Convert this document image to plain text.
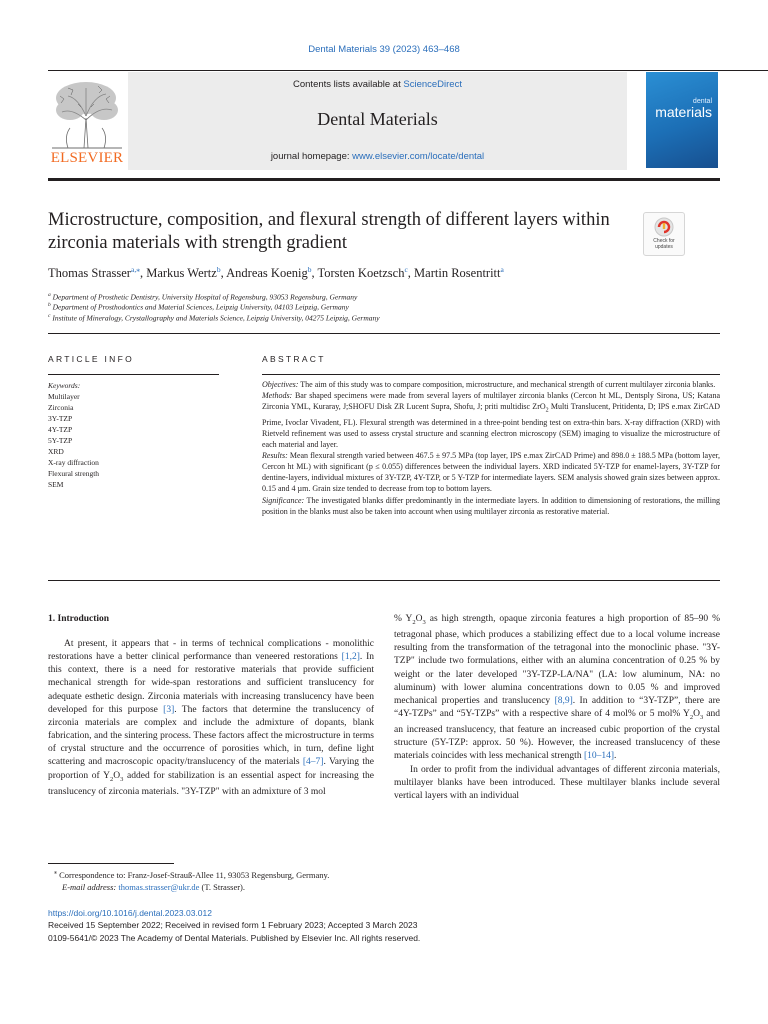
Dental Materials 39 (2023) 463–468
ELSEVIER
Contents lists available at ScienceDirect
Dental Materials
journal homepage: www.elsevier.com/locate/dental
dental
materials
Microstructure, composition, and flexural strength of different layers within zirconia materials with strength gradient	Check for updates
Thomas Strasser$^{a,⁎}$, Markus Wertz$^b$, Andreas Koenig$^b$, Torsten Koetzsch$^c$, Martin Rosentritt$^a$
$^a$ Department of Prosthetic Dentistry, University Hospital of Regensburg, 93053 Regensburg, Germany
$^b$ Department of Prosthodontics and Material Sciences, Leipzig University, 04103 Leipzig, Germany
$^c$ Institute of Mineralogy, Crystallography and Materials Science, Leipzig University, 04275 Leipzig, Germany
ARTICLE INFO	ABSTRACT
Keywords:
Multilayer
Zirconia
3Y-TZP
4Y-TZP
5Y-TZP
XRD
X-ray diffraction
Flexural strength
SEM

Objectives: The aim of this study was to compare composition, microstructure, and mechanical strength of current multilayer zirconia blanks.

Methods: Bar shaped specimens were made from several layers of multilayer zirconia blanks (Cercon ht ML, Dentsply Sirona, US; Katana Zirconia YML, Kuraray, J;SHOFU Disk ZR Lucent Supra, Shofu, J; priti multidisc ZrO$_2$ Multi Translucent, Pritidenta, D; IPS e.max ZirCAD Prime, Ivoclar Vivadent, FL). Flexural strength was determined in a three-point bending test on extra-thin bars. X-ray diffraction (XRD) with Rietveld refinement was used to assess crystal structure and scanning electron microscopy (SEM) imaging to visualize the microstructure of each material and layer.

Results: Mean flexural strength varied between 467.5 ± 97.5 MPa (top layer, IPS e.max ZirCAD Prime) and 898.0 ± 188.5 MPa (bottom layer, Cercon ht ML) with significant (p ≤ 0.055) differences between the individual layers. XRD indicated 5Y-TZP for enamel-layers, 3Y-TZP for dentine-layers, individual mixtures of 3Y-TZP, 4Y-TZP, or 5 Y-TZP for intermediate layers. SEM analysis showed grain sizes between approx. 0.15 and 4 µm. Grain size tended to decrease from top to bottom layers.

Significance: The investigated blanks differ predominantly in the intermediate layers. In addition to dimensioning of restorations, the milling position in the blanks must also be taken into account when using multilayer zirconia as restorative material.

1. Introduction

At present, it appears that - in terms of technical complications - monolithic restorations have a better clinical performance than veneered restorations [1,2]. In this context, there is a need for restorative materials that provide sufficient mechanical strength for wide-span restorations and sufficient translucency for adequate esthetic design. Zirconia materials with increasing translucency have been developed for this purpose [3]. The factors that determine the translucency of zirconia materials are complex and include the admixture of dopants, blank fabrication, and the sintering process. These factors affect the microstructure in terms of crystal structure and the occurrence of porosities which, in turn, define light scattering and macroscopic opacity/translucency of the materials [4–7]. Varying the proportion of $Y_2O_3$ added for stabilization is an essential aspect for increasing the translucency of zirconia materials. "3Y-TZP" with an admixture of 3 mol

% $Y_2O_3$ as high strength, opaque zirconia features a high proportion of 85–90 % tetragonal phase, which produces a stabilizing effect due to a local volume increase resulting from the transformation of the tetragonal into the monoclinic phase. "3Y-TZP" include two formulations, either with an alumina concentration of 0.25 % by weight or the later developed "3Y-TZP-LA/NA" (LA: low aluminum, NA: no aluminum) with lower alumina concentrations down to 0.05 % and improved mechanical properties and translucency [8,9]. In addition to “3Y-TZP”, there are “4Y-TZPs” and “5Y-TZPs” with a respective share of 4 mol% or 5 mol% $Y_2O_3$ and an increased translucency, that feature an increased cubic proportion of the crystal structure (5Y-TZP: approx. 50 %). However, the increased translucency of these materials coincides with less mechanical strength [10–14].

In order to profit from the individual advantages of different zirconia materials, multilayer blanks have been introduced. These multilayer blanks include several vertical layers with an individual

⁎ Correspondence to: Franz-Josef-Strauß-Allee 11, 93053 Regensburg, Germany.
E-mail address: thomas.strasser@ukr.de (T. Strasser).
https://doi.org/10.1016/j.dental.2023.03.012
Received 15 September 2022; Received in revised form 1 February 2023; Accepted 3 March 2023
0109-5641/© 2023 The Academy of Dental Materials. Published by Elsevier Inc. All rights reserved.
